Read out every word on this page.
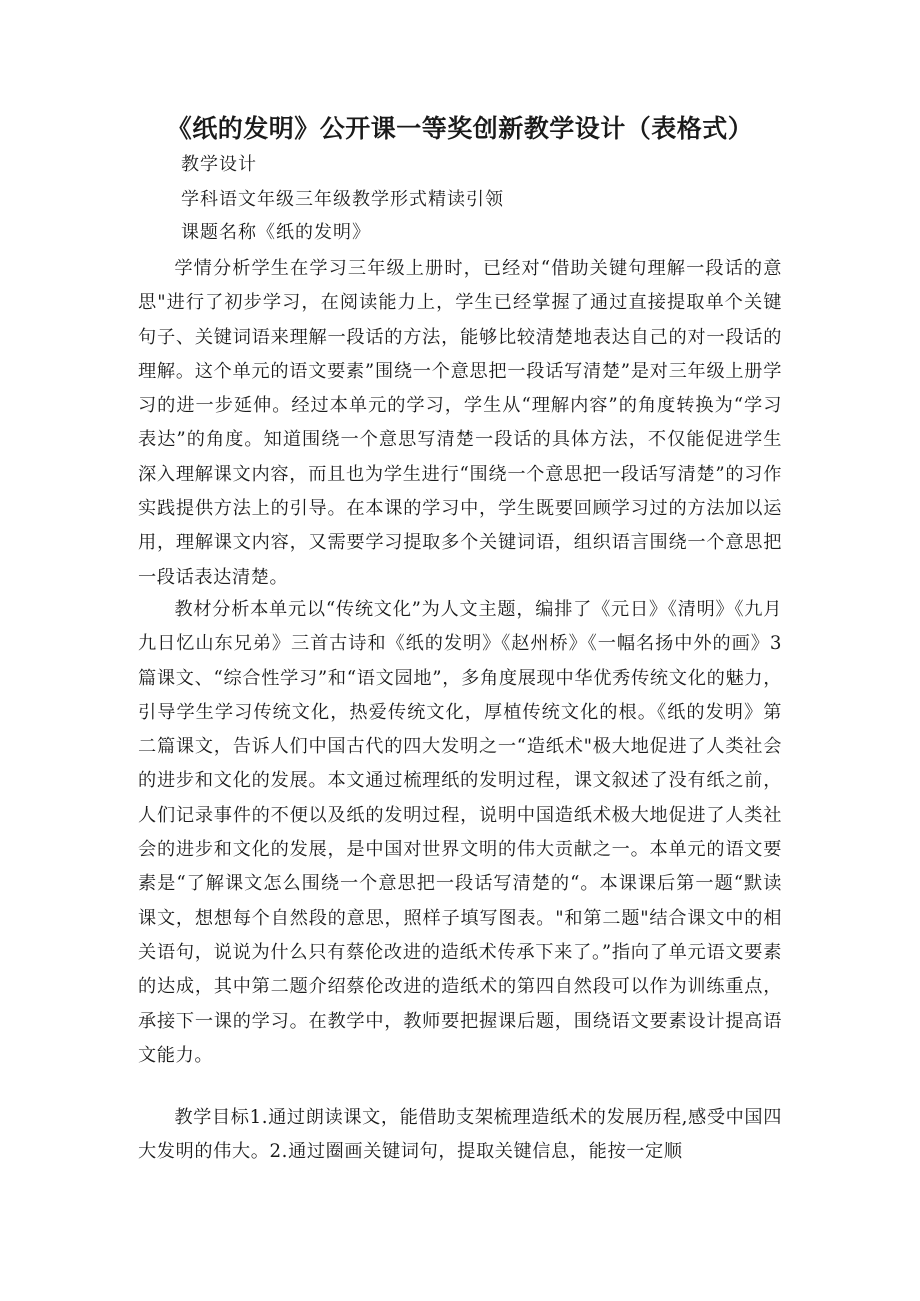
《纸的发明》公开课一等奖创新教学设计（表格式）
教学设计
学科语文年级三年级教学形式精读引领
课题名称《纸的发明》

学情分析学生在学习三年级上册时，已经对“借助关键句理解一段话的意思"进行了初步学习，在阅读能力上，学生已经掌握了通过直接提取单个关键句子、关键词语来理解一段话的方法，能够比较清楚地表达自己的对一段话的理解。这个单元的语文要素”围绕一个意思把一段话写清楚”是对三年级上册学习的进一步延伸。经过本单元的学习，学生从“理解内容”的角度转换为“学习表达”的角度。知道围绕一个意思写清楚一段话的具体方法，不仅能促进学生深入理解课文内容，而且也为学生进行“围绕一个意思把一段话写清楚”的习作实践提供方法上的引导。在本课的学习中，学生既要回顾学习过的方法加以运用，理解课文内容，又需要学习提取多个关键词语，组织语言围绕一个意思把一段话表达清楚。

教材分析本单元以“传统文化”为人文主题，编排了《元日》《清明》《九月九日忆山东兄弟》三首古诗和《纸的发明》《赵州桥》《一幅名扬中外的画》3篇课文、“综合性学习”和“语文园地”，多角度展现中华优秀传统文化的魅力，引导学生学习传统文化，热爱传统文化，厚植传统文化的根。《纸的发明》第二篇课文，告诉人们中国古代的四大发明之一“造纸术"极大地促进了人类社会的进步和文化的发展。本文通过梳理纸的发明过程，课文叙述了没有纸之前，人们记录事件的不便以及纸的发明过程，说明中国造纸术极大地促进了人类社会的进步和文化的发展，是中国对世界文明的伟大贡献之一。本单元的语文要素是“了解课文怎么围绕一个意思把一段话写清楚的“。本课课后第一题“默读课文，想想每个自然段的意思，照样子填写图表。"和第二题"结合课文中的相关语句，说说为什么只有蔡伦改进的造纸术传承下来了。”指向了单元语文要素的达成，其中第二题介绍蔡伦改进的造纸术的第四自然段可以作为训练重点，承接下一课的学习。在教学中，教师要把握课后题，围绕语文要素设计提高语文能力。

教学目标1.通过朗读课文，能借助支架梳理造纸术的发展历程,感受中国四大发明的伟大。2.通过圈画关键词句，提取关键信息，能按一定顺
